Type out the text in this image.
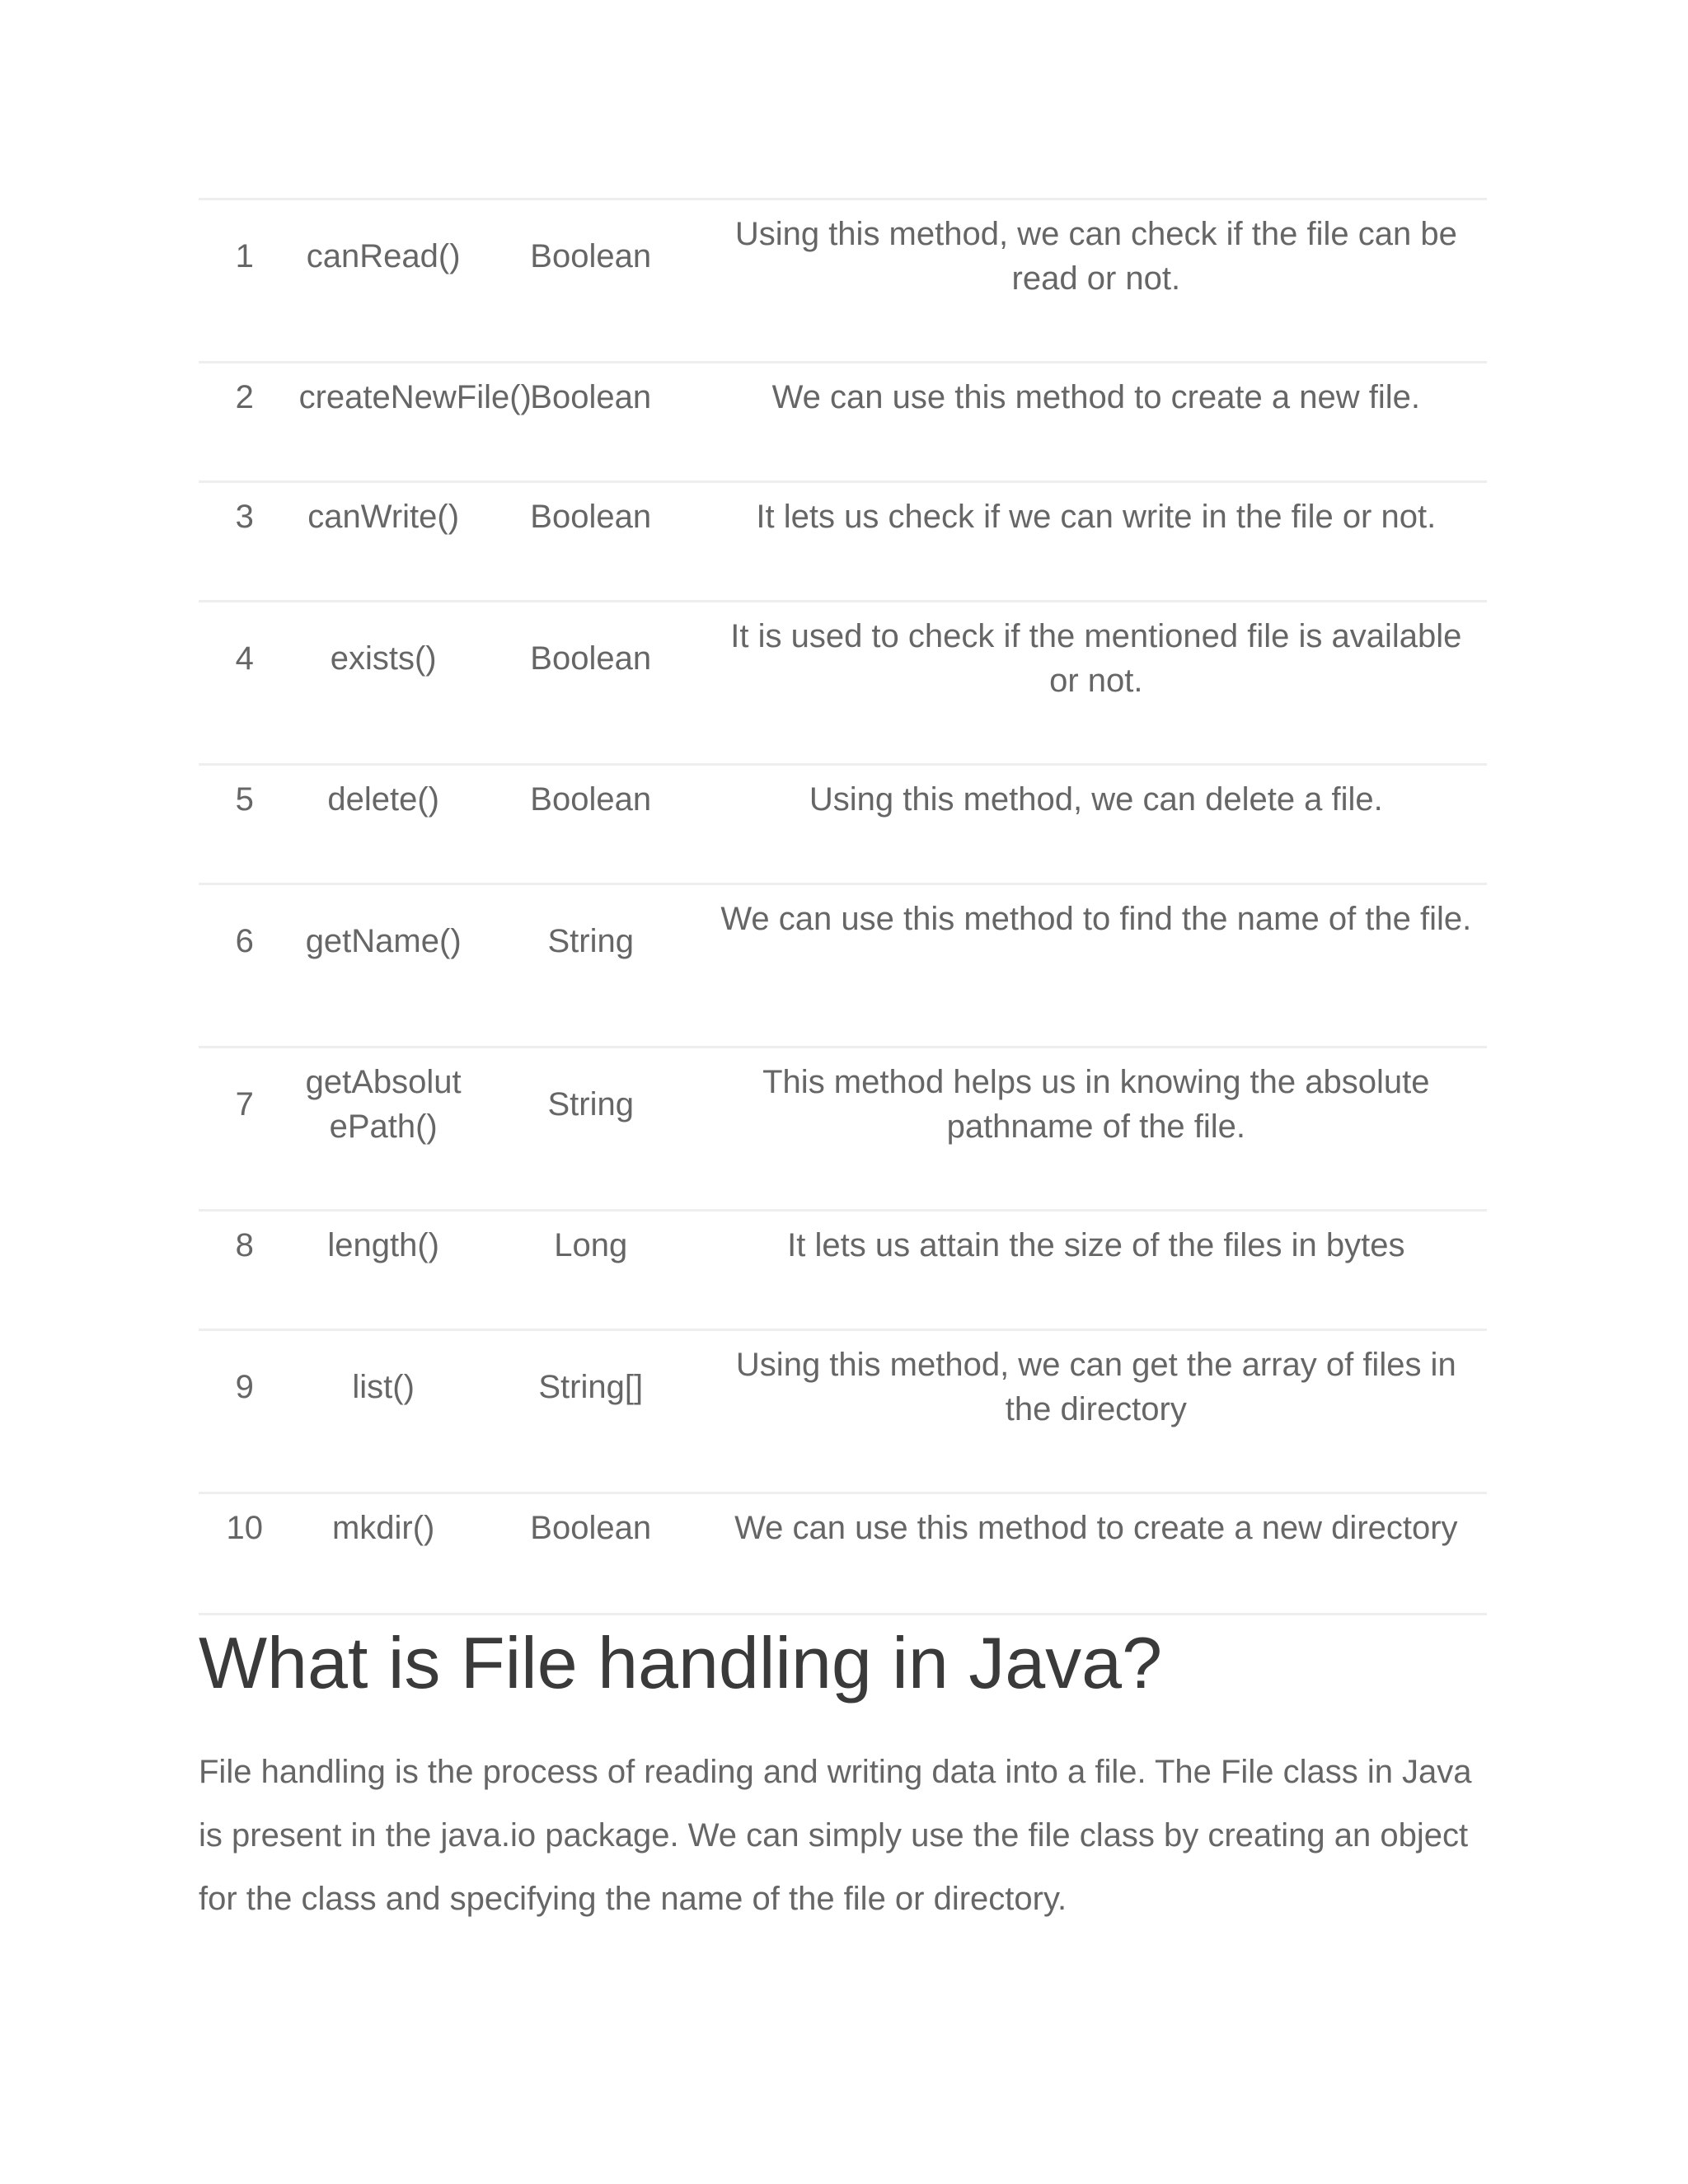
1	canRead()	Boolean	Using this method, we can check if the file can be read or not.
2	createNewFile()	Boolean	We can use this method to create a new file.
3	canWrite()	Boolean	It lets us check if we can write in the file or not.
4	exists()	Boolean	It is used to check if the mentioned file is available or not.
5	delete()	Boolean	Using this method, we can delete a file.
6	getName()	String	We can use this method to find the name of the file.
7	getAbsolutePath()	String	This method helps us in knowing the absolute pathname of the file.
8	length()	Long	It lets us attain the size of the files in bytes
9	list()	String[]	Using this method, we can get the array of files in the directory
10	mkdir()	Boolean	We can use this method to create a new directory
What is File handling in Java?

File handling is the process of reading and writing data into a file. The File class in Java is present in the java.io package. We can simply use the file class by creating an object for the class and specifying the name of the file or directory.
